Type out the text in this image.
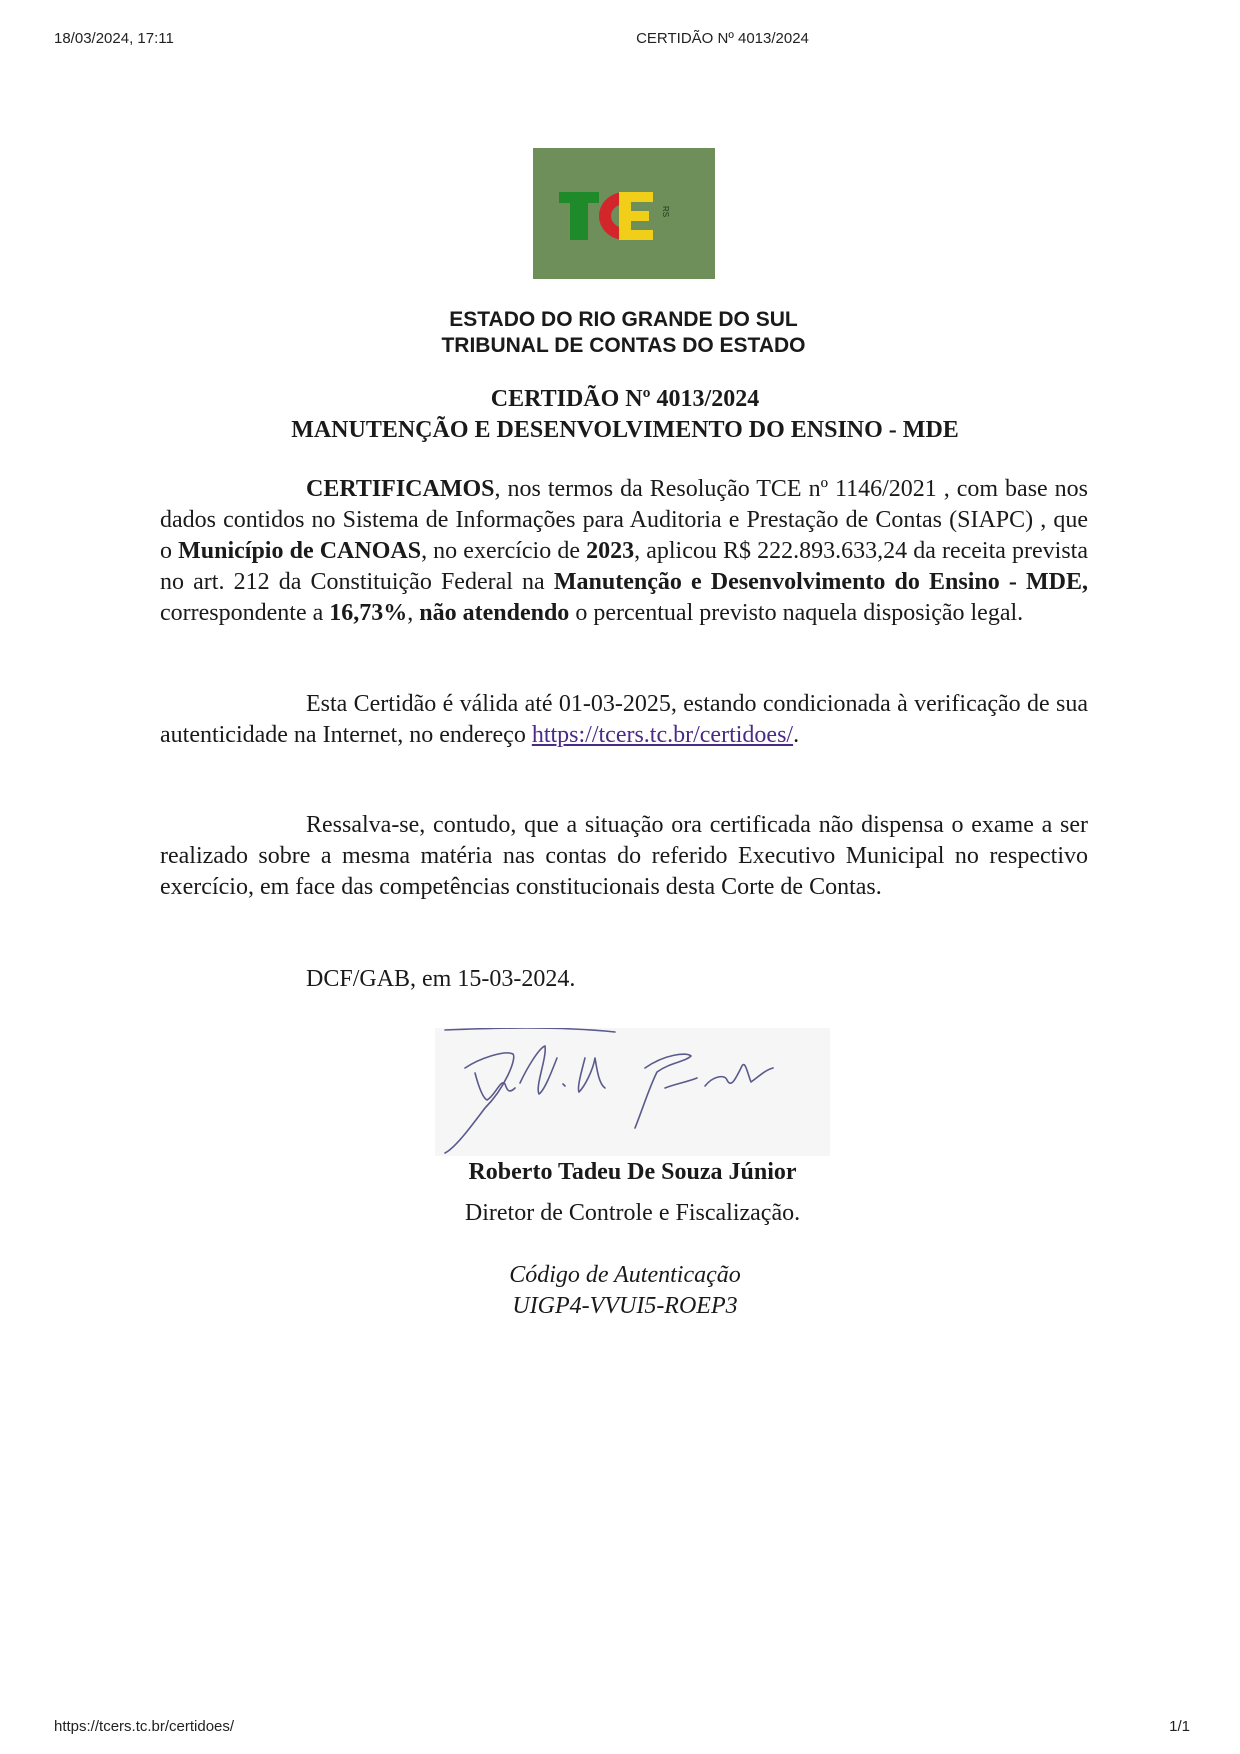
18/03/2024, 17:11	CERTIDÃO Nº 4013/2024
RS
TCE
ESTADO DO RIO GRANDE DO SUL
TRIBUNAL DE CONTAS DO ESTADO
CERTIDÃO Nº 4013/2024
MANUTENÇÃO E DESENVOLVIMENTO DO ENSINO - MDE
CERTIFICAMOS, nos termos da Resolução TCE nº 1146/2021 , com base nos dados contidos no Sistema de Informações para Auditoria e Prestação de Contas (SIAPC) , que o Município de CANOAS, no exercício de 2023, aplicou R$ 222.893.633,24 da receita prevista no art. 212 da Constituição Federal na Manutenção e Desenvolvimento do Ensino - MDE, correspondente a 16,73%, não atendendo o percentual previsto naquela disposição legal.
Esta Certidão é válida até 01-03-2025, estando condicionada à verificação de sua autenticidade na Internet, no endereço https://tcers.tc.br/certidoes/.
Ressalva-se, contudo, que a situação ora certificada não dispensa o exame a ser realizado sobre a mesma matéria nas contas do referido Executivo Municipal no respectivo exercício, em face das competências constitucionais desta Corte de Contas.
DCF/GAB, em 15-03-2024.
Roberto Tadeu De Souza Júnior
Diretor de Controle e Fiscalização.
Código de Autenticação
UIGP4-VVUI5-ROEP3
https://tcers.tc.br/certidoes/	1/1
